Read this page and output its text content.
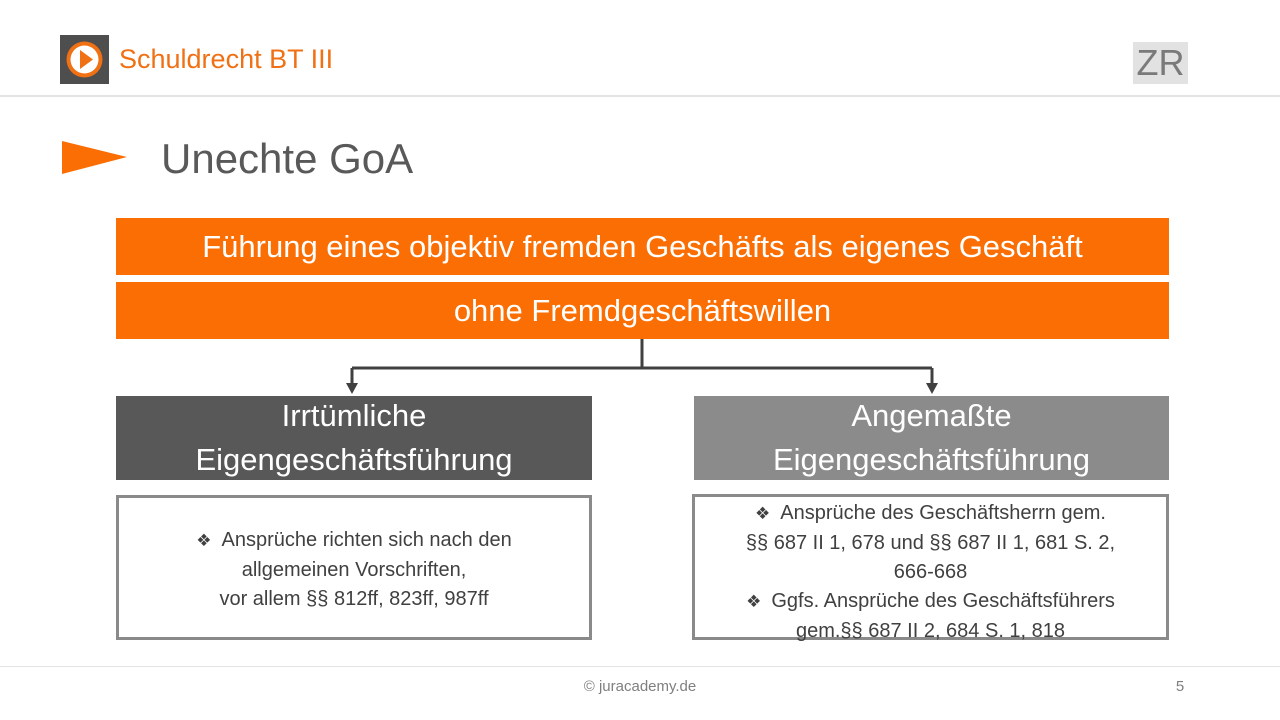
Schuldrecht BT III	ZR
Unechte GoA
Führung eines objektiv fremden Geschäfts als eigenes Geschäft
ohne Fremdgeschäftswillen
Irrtümliche
Eigengeschäftsführung
Angemaßte
Eigengeschäftsführung
❖ Ansprüche richten sich nach den
allgemeinen Vorschriften,
vor allem §§ 812ff, 823ff, 987ff
❖ Ansprüche des Geschäftsherrn gem.
§§ 687 II 1, 678 und §§ 687 II 1, 681 S. 2,
666-668
❖ Ggfs. Ansprüche des Geschäftsführers
gem.§§ 687 II 2, 684 S. 1, 818
© juracademy.de	5
